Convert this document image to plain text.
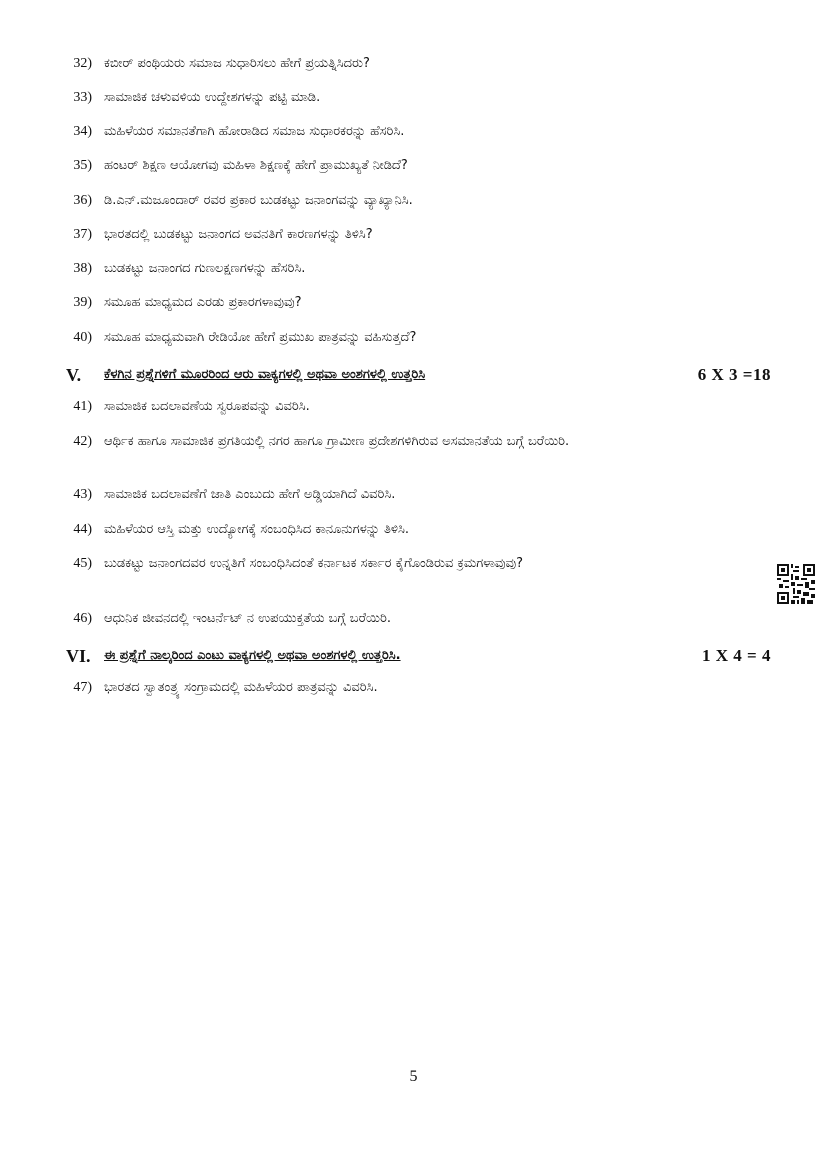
32) ಕಬೀರ್ ಪಂಥಿಯರು ಸಮಾಜ ಸುಧಾರಿಸಲು ಹೇಗೆ ಪ್ರಯತ್ನಿಸಿದರು?
33) ಸಾಮಾಜಿಕ ಚಳುವಳಿಯ ಉದ್ದೇಶಗಳನ್ನು ಪಟ್ಟಿ ಮಾಡಿ.
34) ಮಹಿಳೆಯರ ಸಮಾನತೆಗಾಗಿ ಹೋರಾಡಿದ ಸಮಾಜ ಸುಧಾರಕರನ್ನು ಹೆಸರಿಸಿ.
35) ಹಂಟರ್ ಶಿಕ್ಷಣ ಆಯೋಗವು ಮಹಿಳಾ ಶಿಕ್ಷಣಕ್ಕೆ ಹೇಗೆ ಪ್ರಾಮುಖ್ಯತೆ ನೀಡಿದೆ?
36) ಡಿ.ಎನ್.ಮಜೂಂದಾರ್ ರವರ ಪ್ರಕಾರ ಬುಡಕಟ್ಟು ಜನಾಂಗವನ್ನು ವ್ಯಾಖ್ಯಾನಿಸಿ.
37) ಭಾರತದಲ್ಲಿ ಬುಡಕಟ್ಟು ಜನಾಂಗದ ಅವನತಿಗೆ ಕಾರಣಗಳನ್ನು ತಿಳಿಸಿ?
38) ಬುಡಕಟ್ಟು ಜನಾಂಗದ ಗುಣಲಕ್ಷಣಗಳನ್ನು ಹೆಸರಿಸಿ.
39) ಸಮೂಹ ಮಾಧ್ಯಮದ ಎರಡು ಪ್ರಕಾರಗಳಾವುವು?
40) ಸಮೂಹ ಮಾಧ್ಯಮವಾಗಿ ರೇಡಿಯೋ ಹೇಗೆ ಪ್ರಮುಖ ಪಾತ್ರವನ್ನು ವಹಿಸುತ್ತದೆ?
V. ಕೆಳಗಿನ ಪ್ರಶ್ನೆಗಳಿಗೆ ಮೂರರಿಂದ ಆರು ವಾಕ್ಯಗಳಲ್ಲಿ ಅಥವಾ ಅಂಶಗಳಲ್ಲಿ ಉತ್ತರಿಸಿ	6 X 3 =18
41) ಸಾಮಾಜಿಕ ಬದಲಾವಣೆಯ ಸ್ವರೂಪವನ್ನು ವಿವರಿಸಿ.
42) ಆರ್ಥಿಕ ಹಾಗೂ ಸಾಮಾಜಿಕ ಪ್ರಗತಿಯಲ್ಲಿ ನಗರ ಹಾಗೂ ಗ್ರಾಮೀಣ ಪ್ರದೇಶಗಳಿಗಿರುವ ಅಸಮಾನತೆಯ ಬಗ್ಗೆ ಬರೆಯಿರಿ.
43) ಸಾಮಾಜಿಕ ಬದಲಾವಣೆಗೆ ಜಾತಿ ಎಂಬುದು ಹೇಗೆ ಅಡ್ಡಿಯಾಗಿದೆ ವಿವರಿಸಿ.
44) ಮಹಿಳೆಯರ ಆಸ್ತಿ ಮತ್ತು ಉದ್ಯೋಗಕ್ಕೆ ಸಂಬಂಧಿಸಿದ ಕಾನೂನುಗಳನ್ನು ತಿಳಿಸಿ.
45) ಬುಡಕಟ್ಟು ಜನಾಂಗದವರ ಉನ್ನತಿಗೆ ಸಂಬಂಧಿಸಿದಂತೆ ಕರ್ನಾಟಕ ಸರ್ಕಾರ ಕೈಗೊಂಡಿರುವ ಕ್ರಮಗಳಾವುವು?
46) ಆಧುನಿಕ ಜೀವನದಲ್ಲಿ ಇಂಟರ್ನೆಟ್ ನ ಉಪಯುಕ್ತತೆಯ ಬಗ್ಗೆ ಬರೆಯಿರಿ.
VI. ಈ ಪ್ರಶ್ನೆಗೆ ನಾಲ್ಕರಿಂದ ಎಂಟು ವಾಕ್ಯಗಳಲ್ಲಿ ಅಥವಾ ಅಂಶಗಳಲ್ಲಿ ಉತ್ತರಿಸಿ.	1 X 4 = 4
47) ಭಾರತದ ಸ್ವಾತಂತ್ರ್ಯ ಸಂಗ್ರಾಮದಲ್ಲಿ ಮಹಿಳೆಯರ ಪಾತ್ರವನ್ನು ವಿವರಿಸಿ.
5
